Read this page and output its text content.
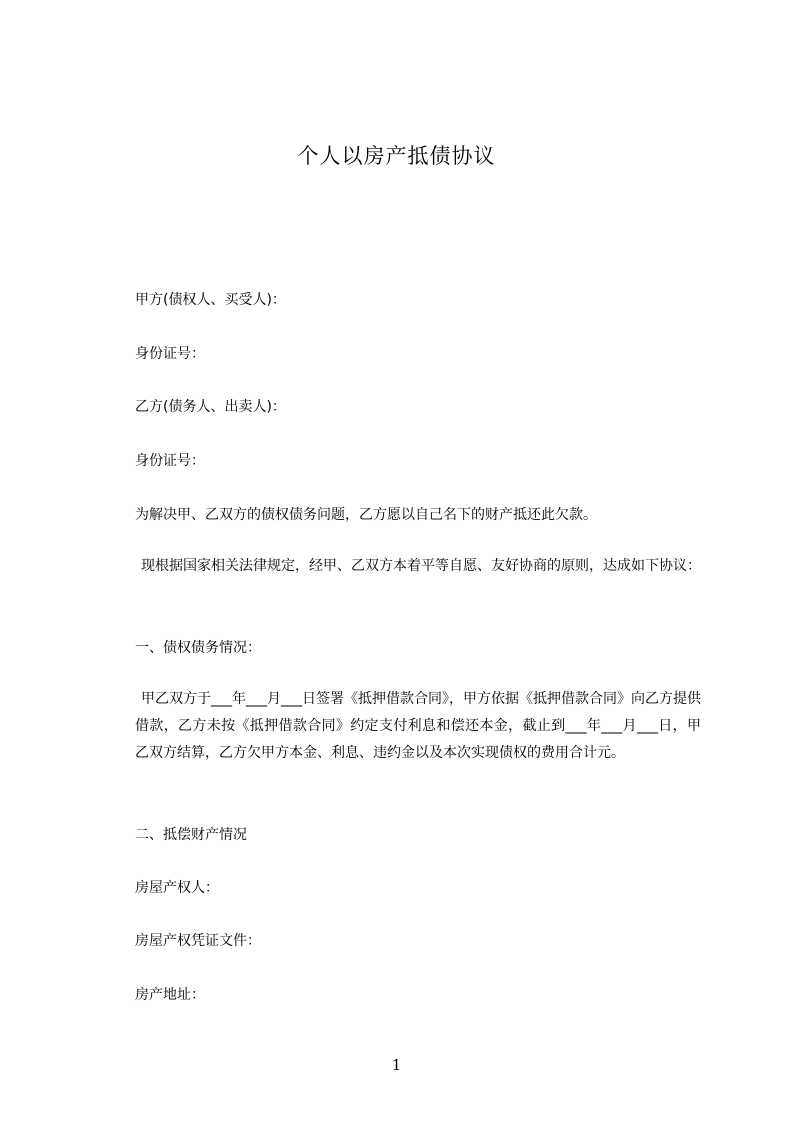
个人以房产抵债协议
甲方(债权人、买受人)：
身份证号：
乙方(债务人、出卖人)：
身份证号：
为解决甲、乙双方的债权债务问题，乙方愿以自己名下的财产抵还此欠款。
现根据国家相关法律规定，经甲、乙双方本着平等自愿、友好协商的原则，达成如下协议：
一、债权债务情况：
甲乙双方于___年___月___日签署《抵押借款合同》，甲方依据《抵押借款合同》向乙方提供借款，乙方未按《抵押借款合同》约定支付利息和偿还本金，截止到___年___月___日，甲乙双方结算，乙方欠甲方本金、利息、违约金以及本次实现债权的费用合计元。
二、抵偿财产情况
房屋产权人：
房屋产权凭证文件：
房产地址：
1
